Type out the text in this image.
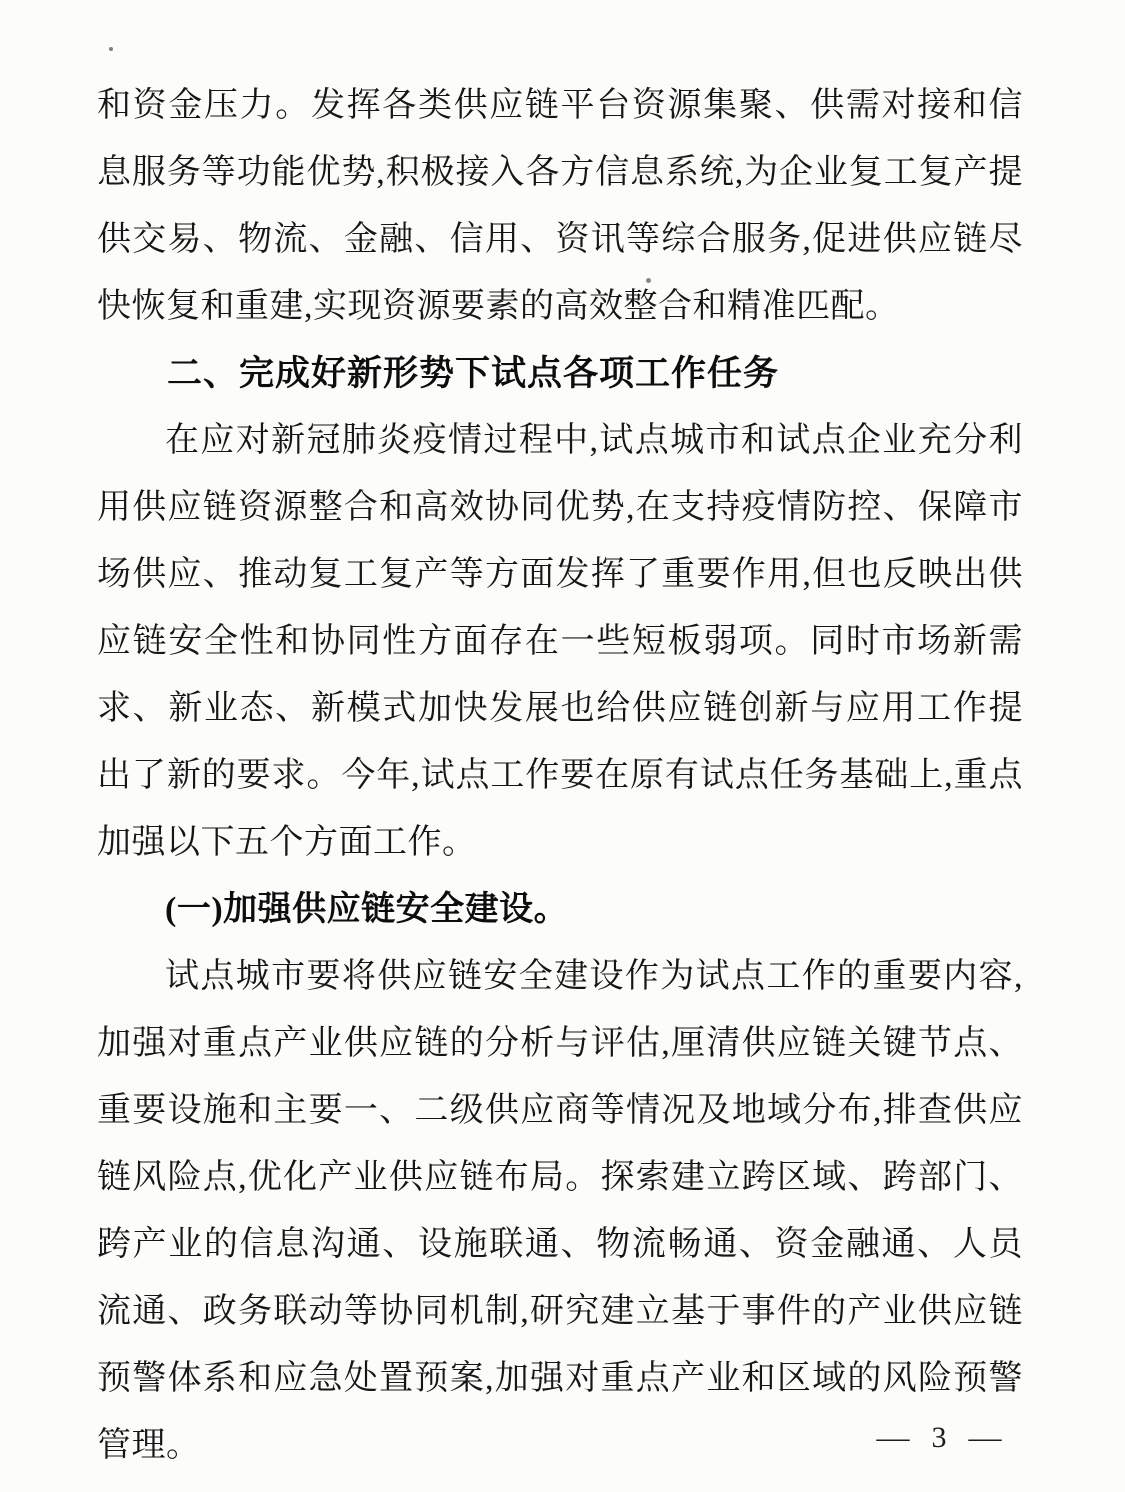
和资金压力。发挥各类供应链平台资源集聚、供需对接和信息服务等功能优势,积极接入各方信息系统,为企业复工复产提供交易、物流、金融、信用、资讯等综合服务,促进供应链尽快恢复和重建,实现资源要素的高效整合和精准匹配。

二、完成好新形势下试点各项工作任务

在应对新冠肺炎疫情过程中,试点城市和试点企业充分利用供应链资源整合和高效协同优势,在支持疫情防控、保障市场供应、推动复工复产等方面发挥了重要作用,但也反映出供应链安全性和协同性方面存在一些短板弱项。同时市场新需求、新业态、新模式加快发展也给供应链创新与应用工作提出了新的要求。今年,试点工作要在原有试点任务基础上,重点加强以下五个方面工作。

(一)加强供应链安全建设。

试点城市要将供应链安全建设作为试点工作的重要内容,加强对重点产业供应链的分析与评估,厘清供应链关键节点、重要设施和主要一、二级供应商等情况及地域分布,排查供应链风险点,优化产业供应链布局。探索建立跨区域、跨部门、跨产业的信息沟通、设施联通、物流畅通、资金融通、人员流通、政务联动等协同机制,研究建立基于事件的产业供应链预警体系和应急处置预案,加强对重点产业和区域的风险预警管理。	— 3 —
